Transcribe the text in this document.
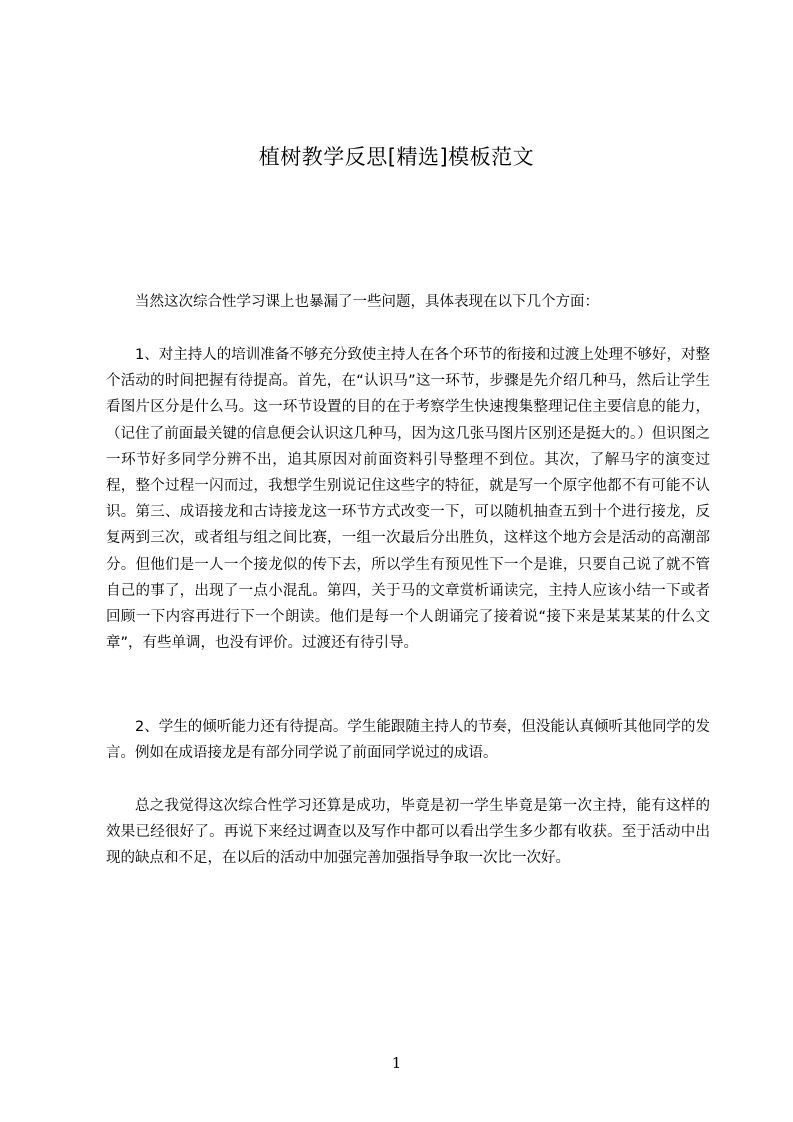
植树教学反思[精选]模板范文

当然这次综合性学习课上也暴漏了一些问题，具体表现在以下几个方面：

1、对主持人的培训准备不够充分致使主持人在各个环节的衔接和过渡上处理不够好，对整个活动的时间把握有待提高。首先，在“认识马”这一环节，步骤是先介绍几种马，然后让学生看图片区分是什么马。这一环节设置的目的在于考察学生快速搜集整理记住主要信息的能力，（记住了前面最关键的信息便会认识这几种马，因为这几张马图片区别还是挺大的。）但识图之一环节好多同学分辨不出，追其原因对前面资料引导整理不到位。其次，了解马字的演变过程，整个过程一闪而过，我想学生别说记住这些字的特征，就是写一个原字他都不有可能不认识。第三、成语接龙和古诗接龙这一环节方式改变一下，可以随机抽查五到十个进行接龙，反复两到三次，或者组与组之间比赛，一组一次最后分出胜负，这样这个地方会是活动的高潮部分。但他们是一人一个接龙似的传下去，所以学生有预见性下一个是谁，只要自己说了就不管自己的事了，出现了一点小混乱。第四，关于马的文章赏析诵读完，主持人应该小结一下或者回顾一下内容再进行下一个朗读。他们是每一个人朗诵完了接着说“接下来是某某某的什么文章”，有些单调，也没有评价。过渡还有待引导。

2、学生的倾听能力还有待提高。学生能跟随主持人的节奏，但没能认真倾听其他同学的发言。例如在成语接龙是有部分同学说了前面同学说过的成语。

总之我觉得这次综合性学习还算是成功，毕竟是初一学生毕竟是第一次主持，能有这样的效果已经很好了。再说下来经过调查以及写作中都可以看出学生多少都有收获。至于活动中出现的缺点和不足，在以后的活动中加强完善加强指导争取一次比一次好。

1
